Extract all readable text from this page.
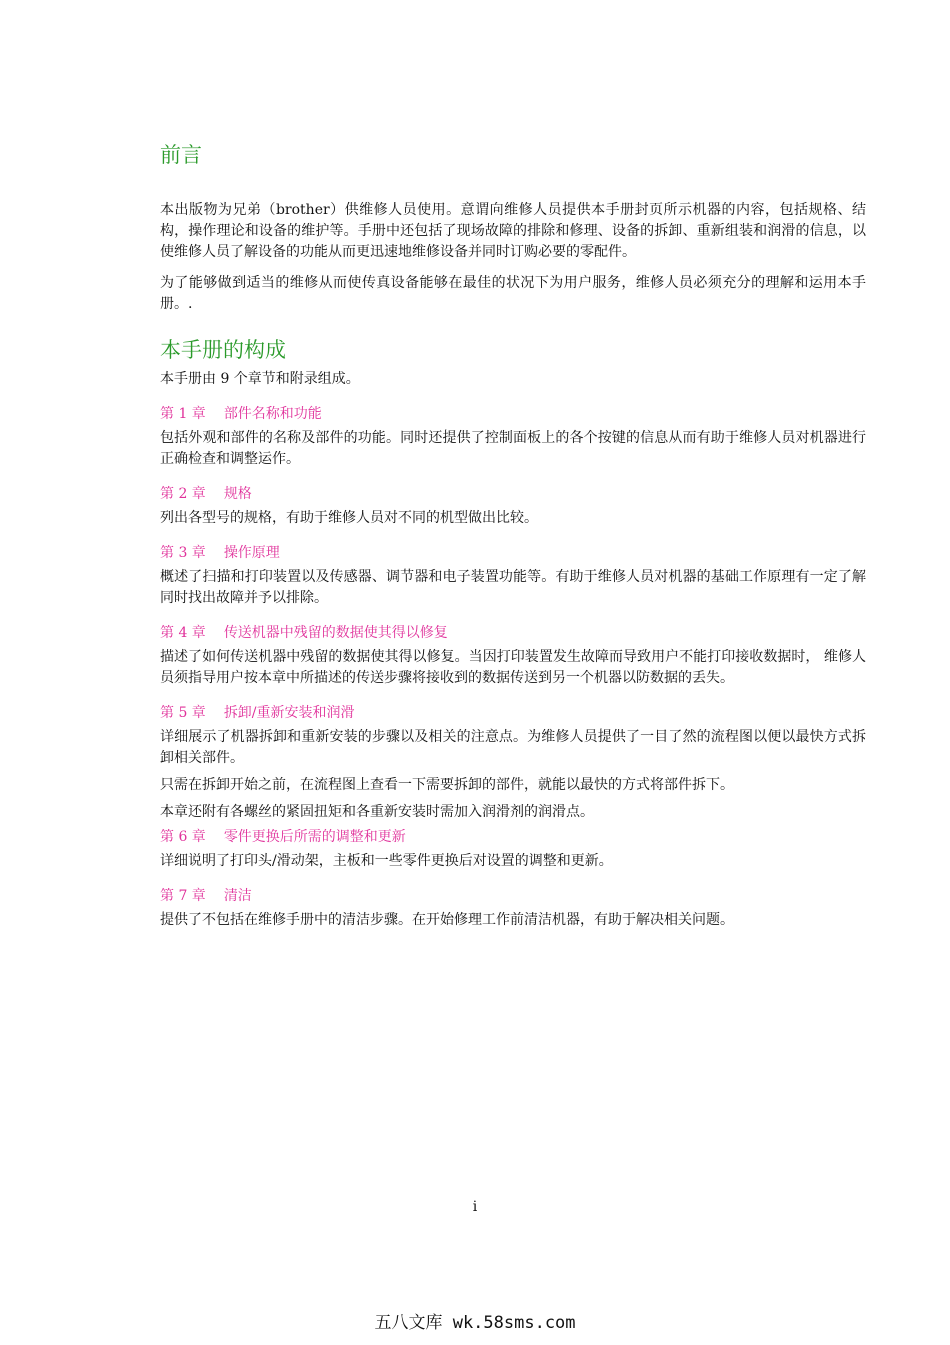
前言

本出版物为兄弟（brother）供维修人员使用。意谓向维修人员提供本手册封页所示机器的内容，包括规格、结构，操作理论和设备的维护等。手册中还包括了现场故障的排除和修理、设备的拆卸、重新组装和润滑的信息，以使维修人员了解设备的功能从而更迅速地维修设备并同时订购必要的零配件。

为了能够做到适当的维修从而使传真设备能够在最佳的状况下为用户服务，维修人员必须充分的理解和运用本手册。.

本手册的构成

本手册由 9 个章节和附录组成。

第 1 章 部件名称和功能

包括外观和部件的名称及部件的功能。同时还提供了控制面板上的各个按键的信息从而有助于维修人员对机器进行正确检查和调整运作。

第 2 章 规格

列出各型号的规格，有助于维修人员对不同的机型做出比较。

第 3 章 操作原理

概述了扫描和打印装置以及传感器、调节器和电子装置功能等。有助于维修人员对机器的基础工作原理有一定了解同时找出故障并予以排除。

第 4 章 传送机器中残留的数据使其得以修复

描述了如何传送机器中残留的数据使其得以修复。当因打印装置发生故障而导致用户不能打印接收数据时， 维修人员须指导用户按本章中所描述的传送步骤将接收到的数据传送到另一个机器以防数据的丢失。

第 5 章 拆卸/重新安装和润滑

详细展示了机器拆卸和重新安装的步骤以及相关的注意点。为维修人员提供了一目了然的流程图以便以最快方式拆卸相关部件。

只需在拆卸开始之前，在流程图上查看一下需要拆卸的部件，就能以最快的方式将部件拆下。

本章还附有各螺丝的紧固扭矩和各重新安装时需加入润滑剂的润滑点。

第 6 章 零件更换后所需的调整和更新

详细说明了打印头/滑动架，主板和一些零件更换后对设置的调整和更新。

第 7 章 清洁

提供了不包括在维修手册中的清洁步骤。在开始修理工作前清洁机器，有助于解决相关问题。

i
五八文库 wk.58sms.com
